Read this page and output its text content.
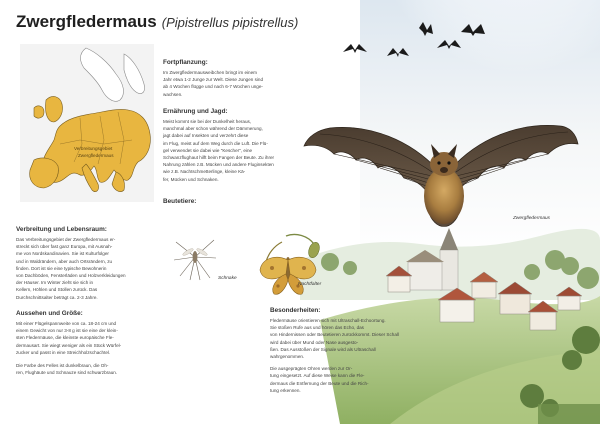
Zwergfledermaus (Pipistrellus pipistrellus)
Zwergfledermaus
Verbreitungsgebiet
Zwergfledermaus
Verbreitung und Lebensraum:
Das Verbreitungsgebiet der Zwergfledermaus er-
streckt sich über fast ganz Europa, mit Ausnah-
me von Nordskandinavien. Sie ist Kulturfolger
und in Waldrändern, aber auch Ortsrändern, zu
finden. Dort ist sie eine typische Bewohnerin
von Dachböden, Fensterläden und Holzverkleidungen
der Häuser. Im Winter zieht sie sich in
Kellern, Höhlen und Stollen zurück. Das
Durchschnittsalter beträgt ca. 2-3 Jahre.
Aussehen und Größe:
Mit einer Flügelspannweite von ca. 18-24 cm und
einem Gewicht von nur 3-8 g ist sie eine der klein-
sten Fledermäuse, die kleinste europäische Fle-
dermausart. Sie wiegt weniger als ein Stück Würfel-
zucker und passt in eine Streichholzschachtel.
Die Farbe des Felles ist dunkelbraun, die Oh-
ren, Flughäute und Schnauze sind schwarzbraun.
Fortpflanzung:
Im Zwergfledermausweibchen bringt im einem
Jahr etwa 1-2 Junge zur Welt. Diese Jungen sind
ab 4 Wochen flügge und nach 6-7 Wochen unge-
wachsen.
Ernährung und Jagd:
Meist kommt sie bei der Dunkelheit heraus,
manchmal aber schon während der Dämmerung,
jagt dabei auf Insekten und verzehrt diese
im Flug, meist auf dem Weg durch die Luft. Die Flü-
gel verwendet sie dabei wie "Kescher", eine
Schwanzflughaut hilft beim Fangen der Beute. Zu ihrer
Nahrung zählen z.B. Mücken und andere Fluginsekten
wie z.B. Nachtschmetterlinge, kleine Kä-
fer, Mücken und Schnaken.
Beutetiere:
Schnake
Nachtfalter
Besonderheiten:
Fledermäuse orientieren sich mit Ultraschall-Echoortung.
Sie stoßen Rufe aus und hören das Echo, das
von Hindernissen oder Beutetieren zurückkommt. Dieser Schall
wird dabei über Mund oder Nase ausgesto-
ßen. Das Ausstoßen der Signale wird als Ultraschall
wahrgenommen.
Die ausgeprägten Ohren werden zur Or-
tung eingesetzt. Auf diese Weise kann die Fle-
dermaus die Entfernung der Beute und die Rich-
tung erkennen.
